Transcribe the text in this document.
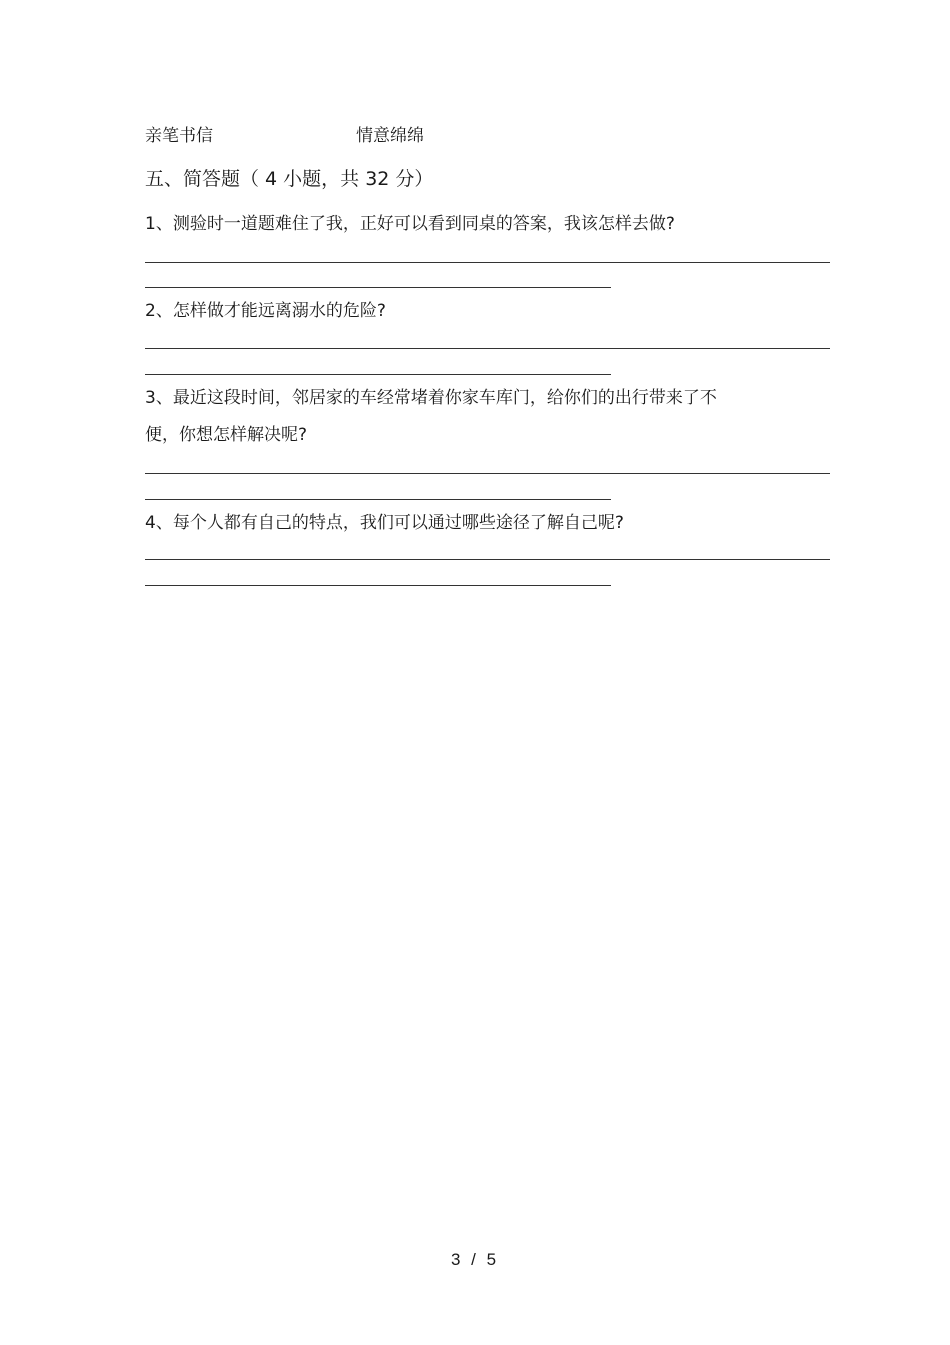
亲笔书信	情意绵绵
五、简答题（ 4 小题，共 32 分）
1、测验时一道题难住了我，正好可以看到同桌的答案，我该怎样去做?
2、怎样做才能远离溺水的危险?
3、最近这段时间，邻居家的车经常堵着你家车库门，给你们的出行带来了不
便，你想怎样解决呢?
4、每个人都有自己的特点，我们可以通过哪些途径了解自己呢?
3 / 5
